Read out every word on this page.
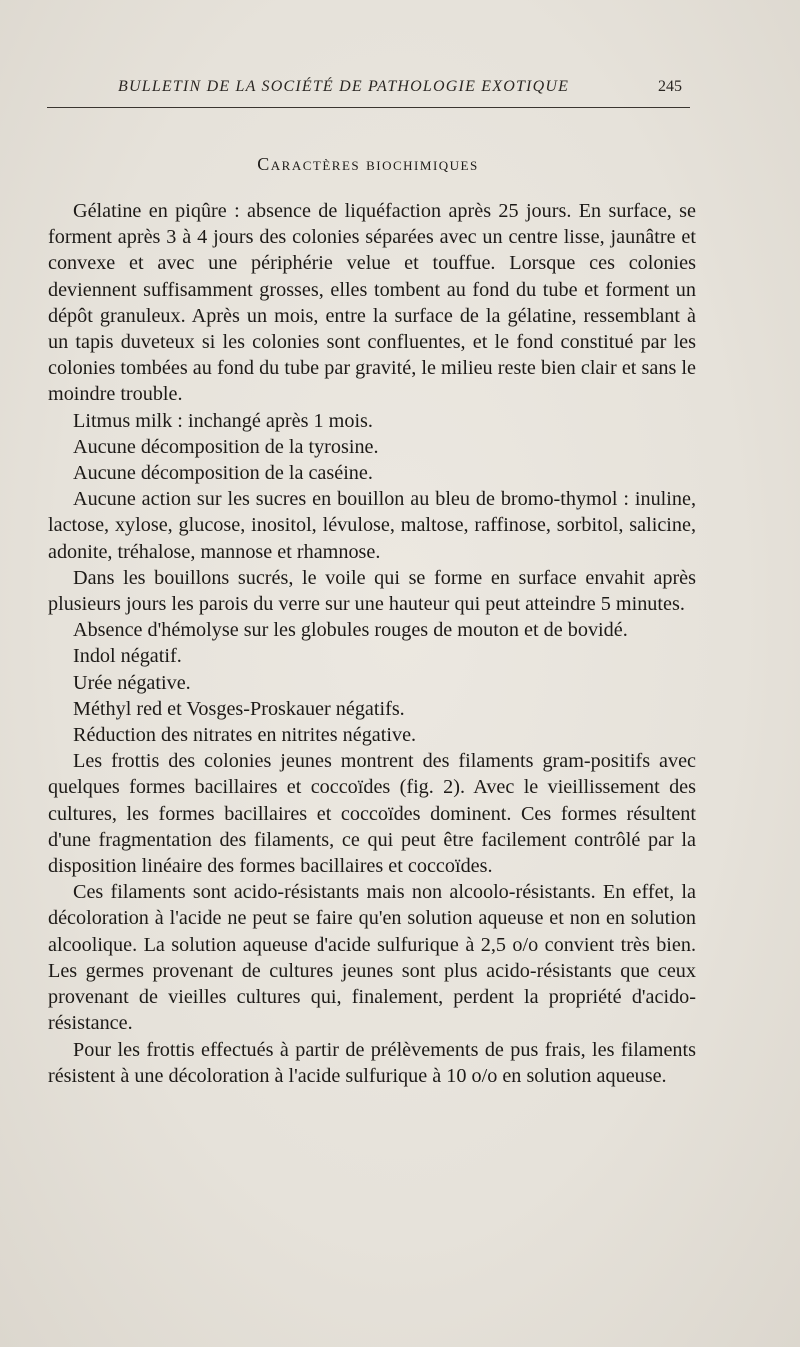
BULLETIN DE LA SOCIÉTÉ DE PATHOLOGIE EXOTIQUE	245
Caractères biochimiques

Gélatine en piqûre : absence de liquéfaction après 25 jours. En surface, se forment après 3 à 4 jours des colonies séparées avec un centre lisse, jaunâtre et convexe et avec une périphérie velue et touffue. Lorsque ces colonies deviennent suffisamment grosses, elles tombent au fond du tube et forment un dépôt granuleux. Après un mois, entre la surface de la gélatine, ressemblant à un tapis duveteux si les colonies sont confluentes, et le fond constitué par les colonies tombées au fond du tube par gravité, le milieu reste bien clair et sans le moindre trouble.

Litmus milk : inchangé après 1 mois.

Aucune décomposition de la tyrosine.

Aucune décomposition de la caséine.

Aucune action sur les sucres en bouillon au bleu de bromo-thymol : inuline, lactose, xylose, glucose, inositol, lévulose, maltose, raffinose, sorbitol, salicine, adonite, tréhalose, mannose et rhamnose.

Dans les bouillons sucrés, le voile qui se forme en surface envahit après plusieurs jours les parois du verre sur une hauteur qui peut atteindre 5 minutes.

Absence d'hémolyse sur les globules rouges de mouton et de bovidé.

Indol négatif.

Urée négative.

Méthyl red et Vosges-Proskauer négatifs.

Réduction des nitrates en nitrites négative.

Les frottis des colonies jeunes montrent des filaments gram-positifs avec quelques formes bacillaires et coccoïdes (fig. 2). Avec le vieillissement des cultures, les formes bacillaires et coccoïdes dominent. Ces formes résultent d'une fragmentation des filaments, ce qui peut être facilement contrôlé par la disposition linéaire des formes bacillaires et coccoïdes.

Ces filaments sont acido-résistants mais non alcoolo-résistants. En effet, la décoloration à l'acide ne peut se faire qu'en solution aqueuse et non en solution alcoolique. La solution aqueuse d'acide sulfurique à 2,5 o/o convient très bien. Les germes provenant de cultures jeunes sont plus acido-résistants que ceux provenant de vieilles cultures qui, finalement, perdent la propriété d'acido-résistance.

Pour les frottis effectués à partir de prélèvements de pus frais, les filaments résistent à une décoloration à l'acide sulfurique à 10 o/o en solution aqueuse.
